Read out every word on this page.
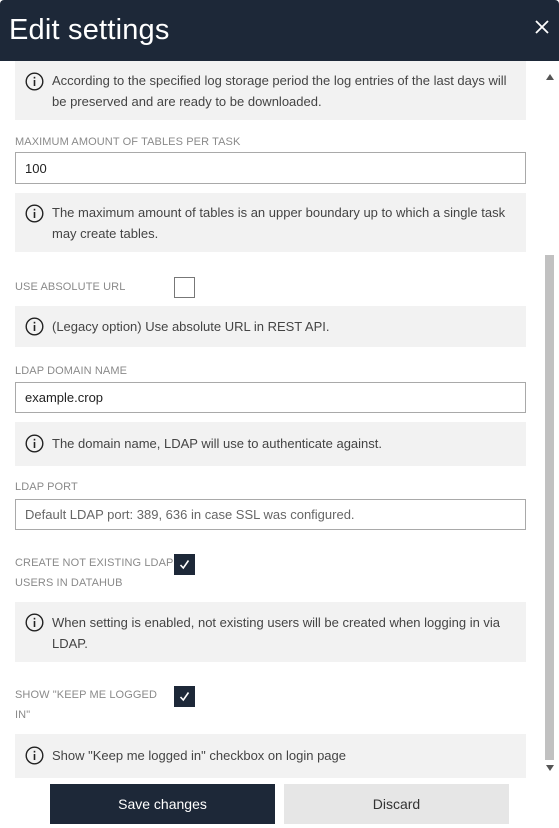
Edit settings
According to the specified log storage period the log entries of the last days will be preserved and are ready to be downloaded.
MAXIMUM AMOUNT OF TABLES PER TASK
100
The maximum amount of tables is an upper boundary up to which a single task may create tables.
USE ABSOLUTE URL
(Legacy option) Use absolute URL in REST API.
LDAP DOMAIN NAME
example.crop
The domain name, LDAP will use to authenticate against.
LDAP PORT
Default LDAP port: 389, 636 in case SSL was configured.
CREATE NOT EXISTING LDAP
USERS IN DATAHUB
When setting is enabled, not existing users will be created when logging in via LDAP.
SHOW "KEEP ME LOGGED
IN"
Show "Keep me logged in" checkbox on login page
Save changes	Discard
